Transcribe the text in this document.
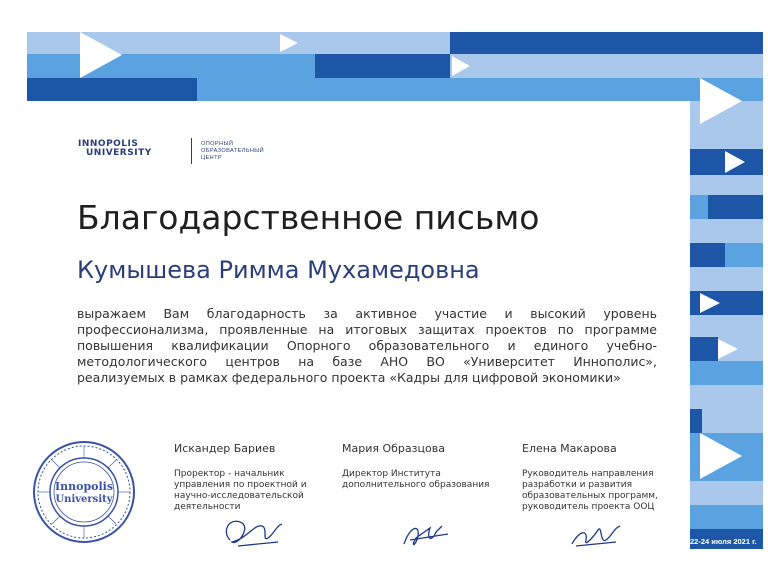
INNOPOLIS
UNIVERSITY
ОПОРНЫЙ
ОБРАЗОВАТЕЛЬНЫЙ
ЦЕНТР
Благодарственное письмо
Кумышева Римма Мухамедовна
выражаем Вам благодарность за активное участие и высокий уровень
профессионализма, проявленные на итоговых защитах проектов по программе
повышения квалификации Опорного образовательного и единого учебно-
методологического центров на базе АНО ВО «Университет Иннополис»,
реализуемых в рамках федерального проекта «Кадры для цифровой экономики»
Innopolis
University
Искандер Бариев
Проректор - начальник
управления по проектной и
научно-исследовательской
деятельности
Мария Образцова
Директор Института
дополнительного образования
Елена Макарова
Руководитель направления
разработки и развития
образовательных программ,
руководитель проекта ООЦ
22-24 июля 2021 г.
